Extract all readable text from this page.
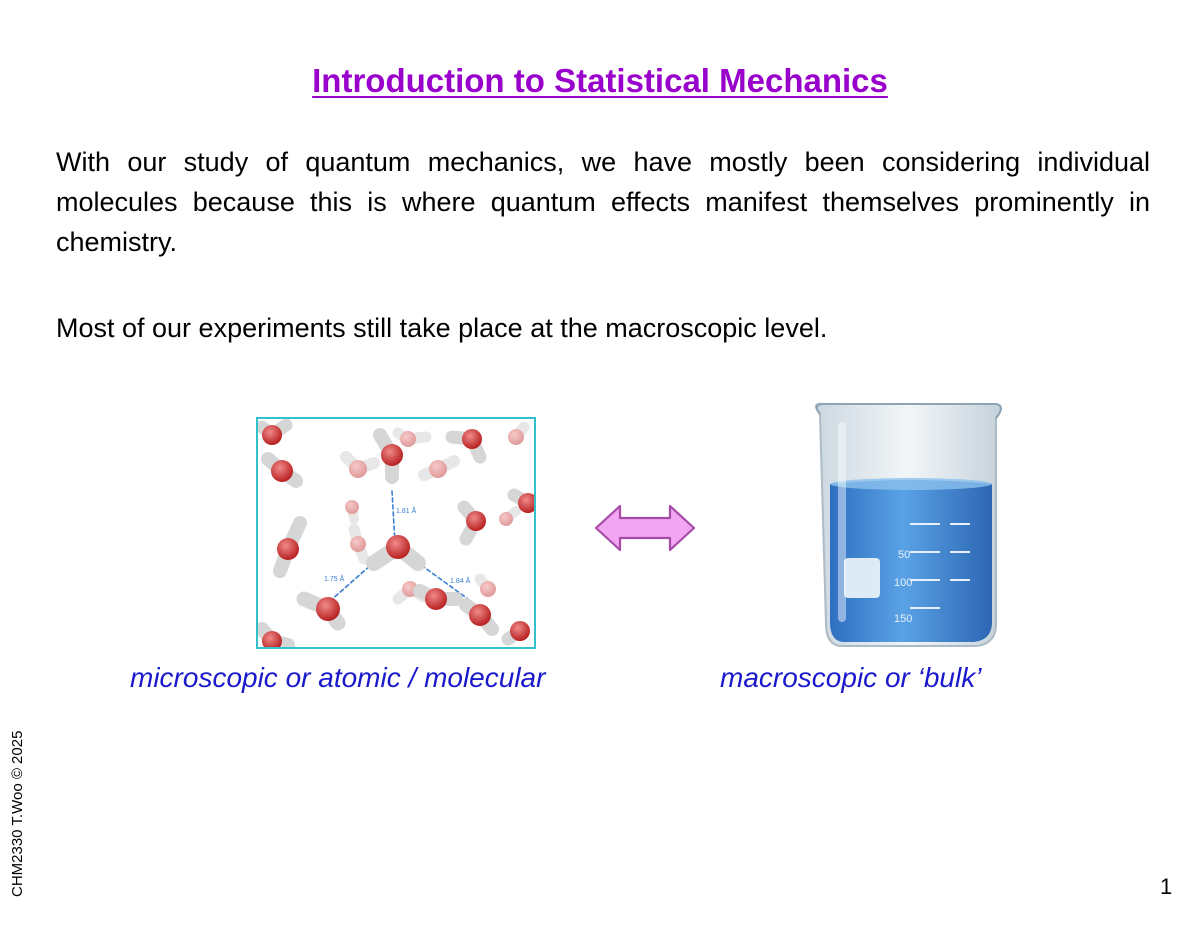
Introduction to Statistical Mechanics
With our study of quantum mechanics, we have mostly been considering individual molecules because this is where quantum effects manifest themselves prominently in chemistry.
Most of our experiments still take place at the macroscopic level.
1.81 Å
1.75 Å	1.84 Å
50
100
150
microscopic or atomic / molecular	macroscopic or ‘bulk’
CHM2330 T.Woo © 2025	1
